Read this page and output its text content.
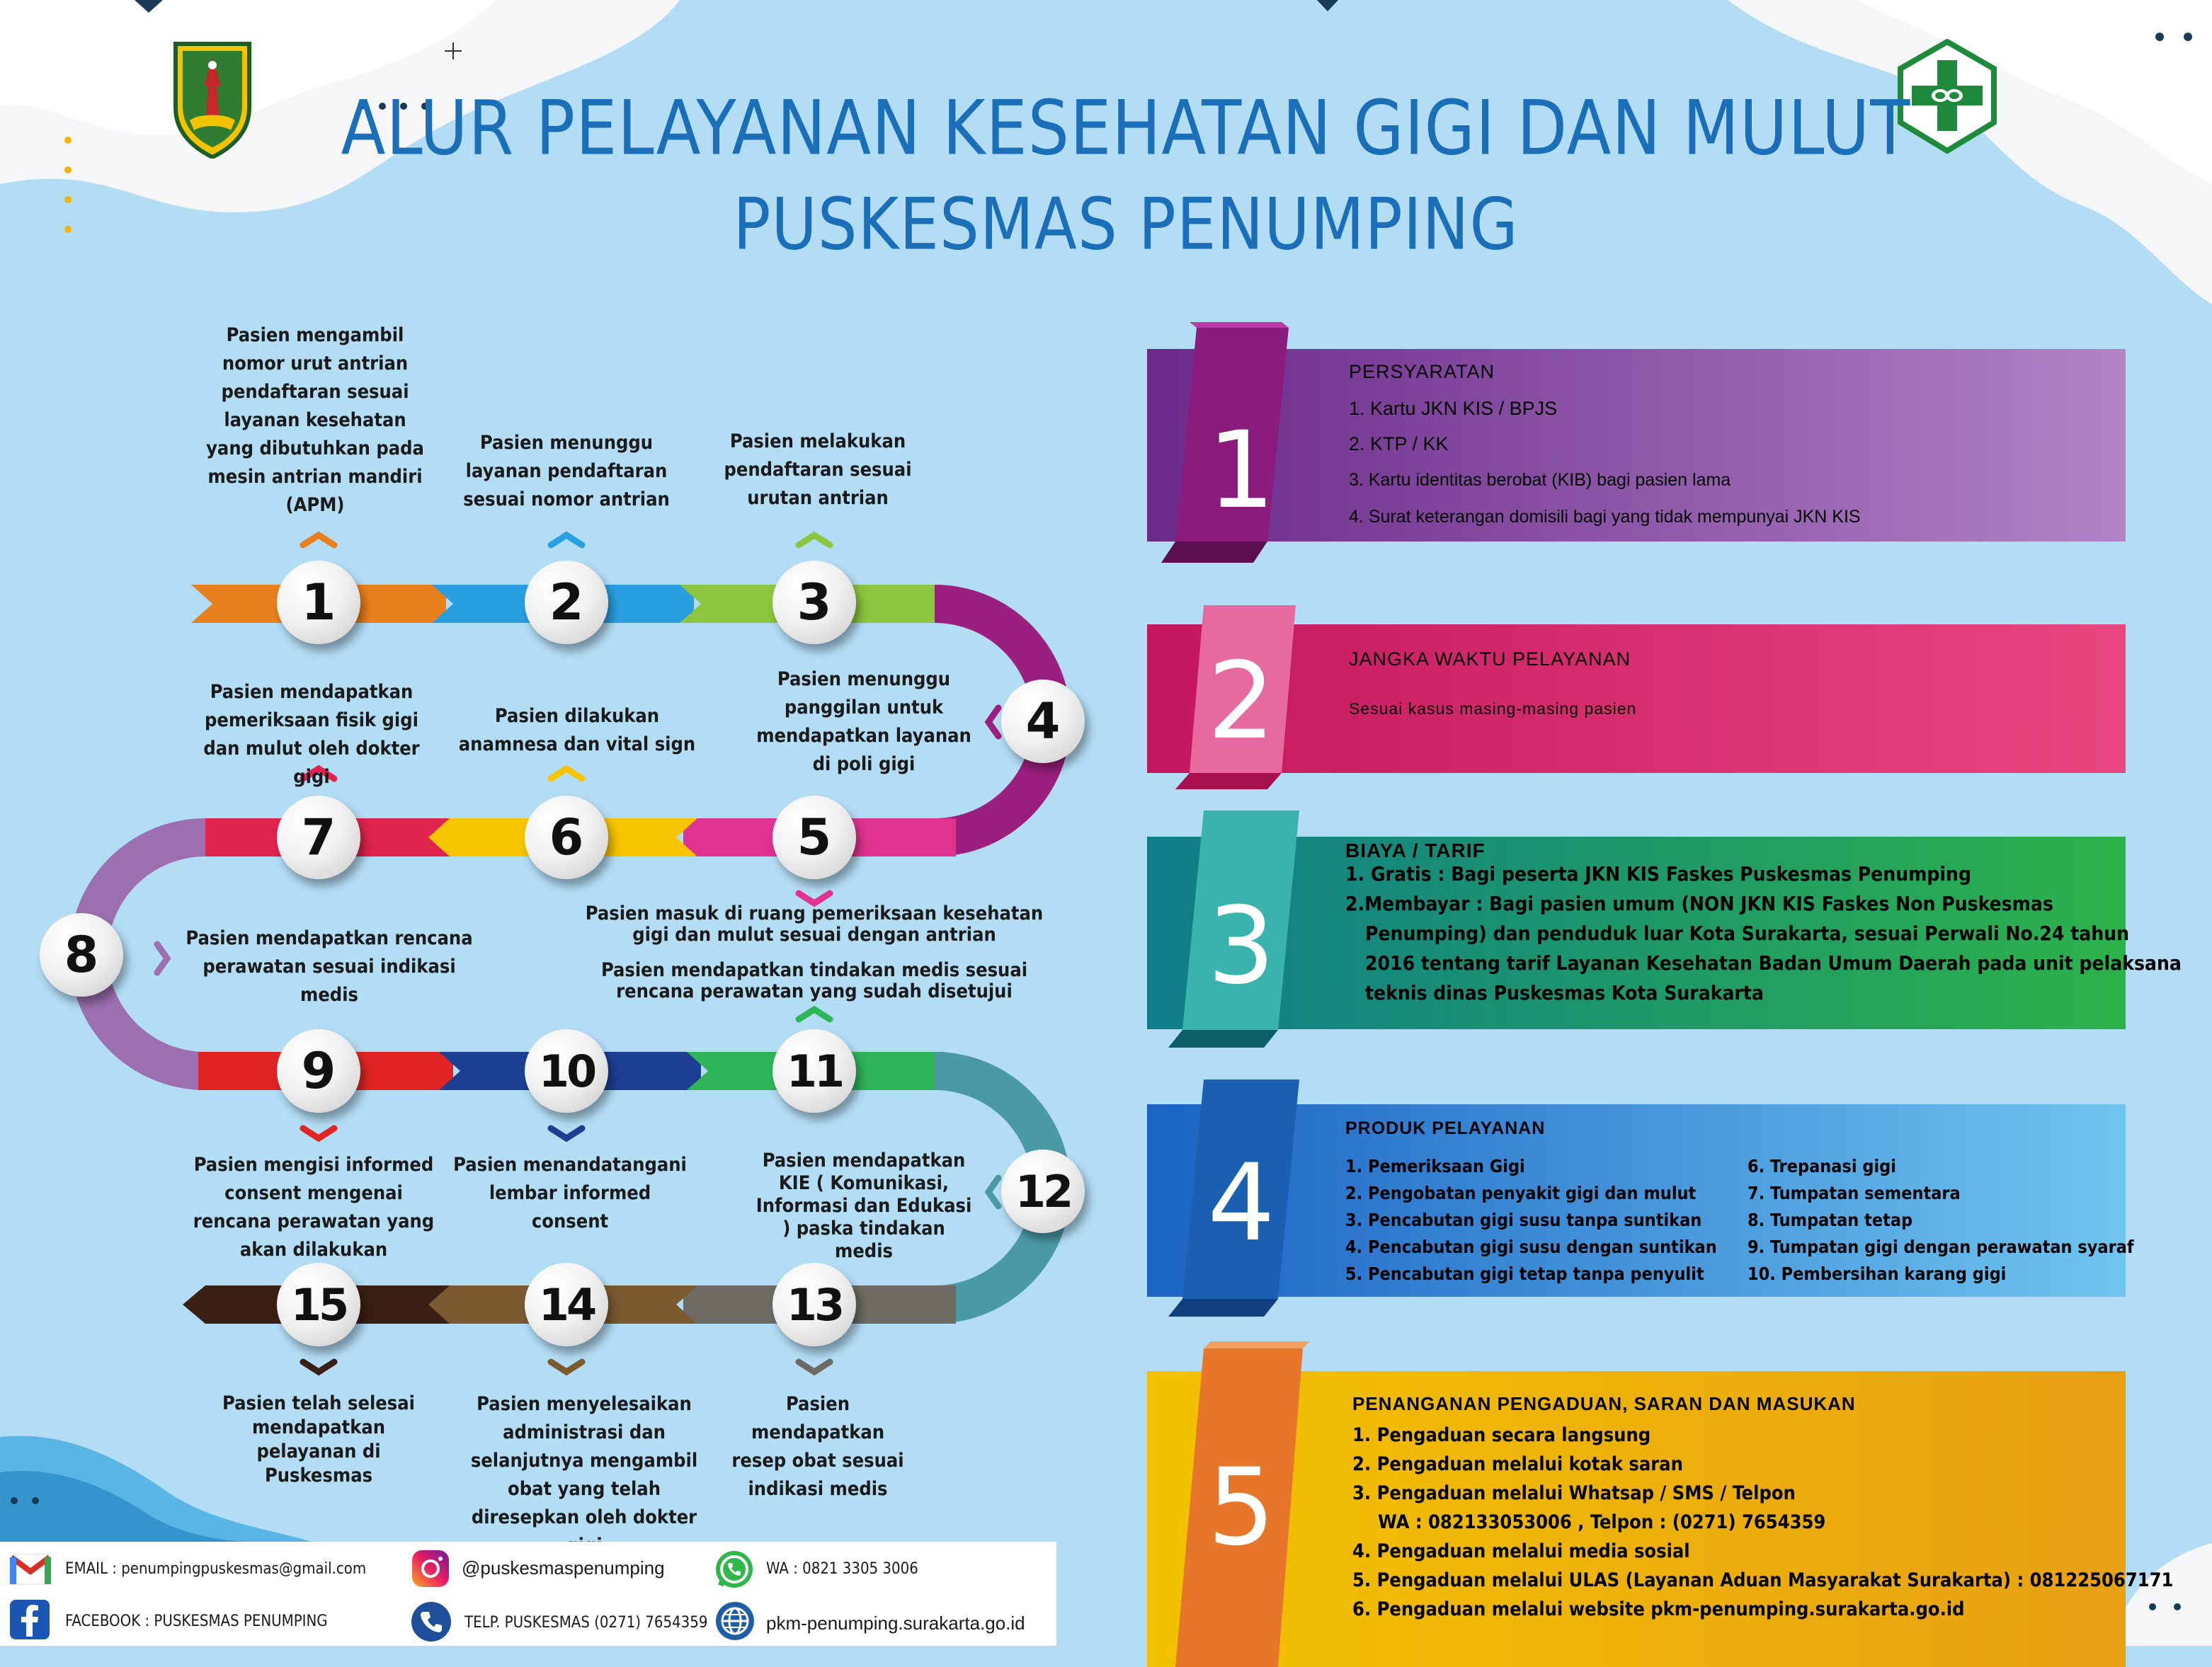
ALUR PELAYANAN KESEHATAN GIGI DAN MULUT
PUSKESMAS PENUMPING
1	2	3
4
5
6
7
8
9	10	11
12
13
14
15
Pasien mengambil nomor urut antrian pendaftaran sesuai layanan kesehatan yang dibutuhkan pada mesin antrian mandiri (APM)
Pasien menunggu layanan pendaftaran sesuai nomor antrian
Pasien melakukan pendaftaran sesuai urutan antrian
Pasien menunggu panggilan untuk mendapatkan layanan di poli gigi
Pasien masuk di ruang pemeriksaan kesehatan gigi dan mulut sesuai dengan antrian
Pasien dilakukan anamnesa dan vital sign
Pasien mendapatkan pemeriksaan fisik gigi dan mulut oleh dokter gigi
Pasien mendapatkan rencana perawatan sesuai indikasi medis
Pasien mengisi informed consent mengenai rencana perawatan yang akan dilakukan
Pasien menandatangani lembar informed consent
Pasien mendapatkan tindakan medis sesuai rencana perawatan yang sudah disetujui
Pasien mendapatkan KIE ( Komunikasi, Informasi dan Edukasi ) paska tindakan medis
Pasien mendapatkan resep obat sesuai indikasi medis
Pasien menyelesaikan administrasi dan selanjutnya mengambil obat yang telah diresepkan oleh dokter
Pasien telah selesai mendapatkan pelayanan di Puskesmas
1
2
3
4
5
PERSYARATAN
1. Kartu JKN KIS / BPJS
2. KTP / KK
3. Kartu identitas berobat (KIB) bagi pasien lama
4. Surat keterangan domisili bagi yang tidak mempunyai JKN KIS
JANGKA WAKTU PELAYANAN
Sesuai kasus masing-masing pasien
BIAYA / TARIF
1. Gratis : Bagi peserta JKN KIS Faskes Puskesmas Penumping
2.Membayar : Bagi pasien umum (NON JKN KIS Faskes Non Puskesmas
Penumping) dan penduduk luar Kota Surakarta, sesuai Perwali No.24 tahun
2016 tentang tarif Layanan Kesehatan Badan Umum Daerah pada unit pelaksana
teknis dinas Puskesmas Kota Surakarta
PRODUK PELAYANAN
1. Pemeriksaan Gigi
2. Pengobatan penyakit gigi dan mulut
3. Pencabutan gigi susu tanpa suntikan
4. Pencabutan gigi susu dengan suntikan
5. Pencabutan gigi tetap tanpa penyulit
6. Trepanasi gigi
7. Tumpatan sementara
8. Tumpatan tetap
9. Tumpatan gigi dengan perawatan syaraf
10. Pembersihan karang gigi
PENANGANAN PENGADUAN, SARAN DAN MASUKAN
1. Pengaduan secara langsung
2. Pengaduan melalui kotak saran
3. Pengaduan melalui Whatsap / SMS / Telpon
WA : 082133053006 , Telpon : (0271) 7654359
4. Pengaduan melalui media sosial
5. Pengaduan melalui ULAS (Layanan Aduan Masyarakat Surakarta) : 081225067171
6. Pengaduan melalui website pkm-penumping.surakarta.go.id
EMAIL : penumpingpuskesmas@gmail.com
FACEBOOK : PUSKESMAS PENUMPING
@puskesmaspenumping
TELP. PUSKESMAS (0271) 7654359
WA : 0821 3305 3006
pkm-penumping.surakarta.go.id
